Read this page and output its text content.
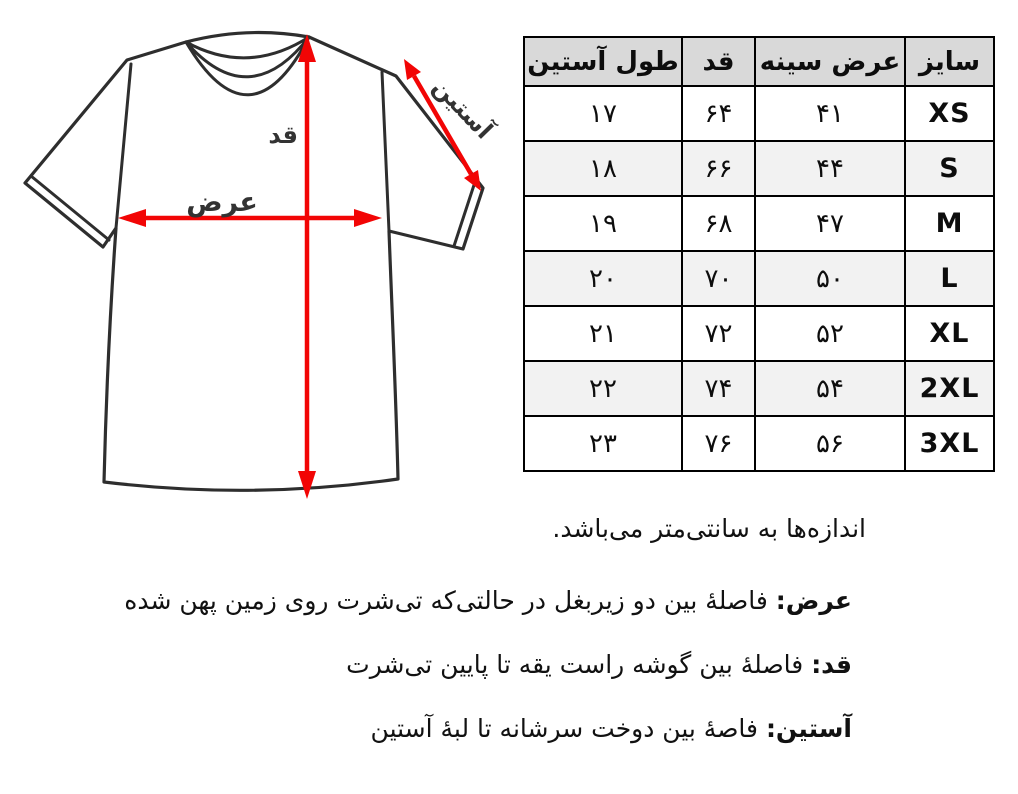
قد
عرض
آستین
سایز	عرض سینه	قد	طول آستین
XS	۴۱	۶۴	۱۷
S	۴۴	۶۶	۱۸
M	۴۷	۶۸	۱۹
L	۵۰	۷۰	۲۰
XL	۵۲	۷۲	۲۱
2XL	۵۴	۷۴	۲۲
3XL	۵۶	۷۶	۲۳
اندازه‌ها به سانتی‌متر می‌باشد.
عرض: فاصلۀ بین دو زیربغل در حالتی‌که تی‌شرت روی زمین پهن شده
قد: فاصلۀ بین گوشه راست یقه تا پایین تی‌شرت
آستین: فاصۀ بین دوخت سرشانه تا لبۀ آستین
